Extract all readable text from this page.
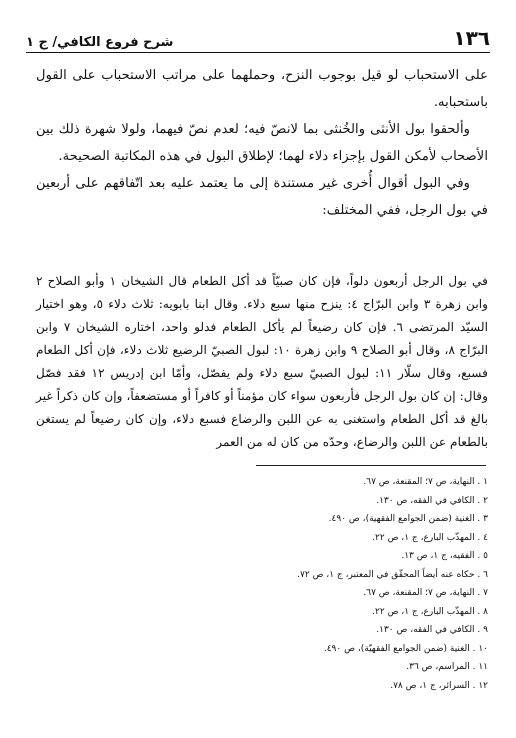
١٣٦
شرح فروع الكافي/ ج ١

على الاستحباب لو قيل بوجوب النزح، وحملهما على مراتب الاستحباب على القول باستحبابه.

وألحقوا بول الأنثى والخُنثى بما لانصّ فيه؛ لعدم نصّ فيهما، ولولا شهرة ذلك بين الأصحاب لأمكن القول بإجزاء دلاء لهما؛ لإطلاق البول في هذه المكاتبة الصحيحة.

وفي البول أقوال أُخرى غير مستندة إلى ما يعتمد عليه بعد اتّفاقهم على أربعين في بول الرجل، ففي المختلف:

في بول الرجل أربعون دلواً، فإن كان صبيّاً قد أكل الطعام قال الشيخان ١ وأبو الصلاح ٢ وابن زهرة ٣ وابن البرّاج ٤: ينزح منها سبع دلاء. وقال ابنا بابويه: ثلاث دلاء ٥، وهو اختيار السيّد المرتضى ٦. فإن كان رضيعاً لم يأكل الطعام فدلو واحد، اختاره الشيخان ٧ وابن البرّاج ٨، وقال أبو الصلاح ٩ وابن زهرة ١٠: لبول الصبيّ الرضيع ثلاث دلاء، فإن أكل الطعام فسبع، وقال سلّار ١١: لبول الصبيّ سبع دلاء ولم يفصّل، وأمّا ابن إدريس ١٢ فقد فصّل وقال: إن كان بول الرجل فأربعون سواء كان مؤمناً أو كافراً أو مستضعفاً، وإن كان ذكراً غير بالغ قد أكل الطعام واستغنى به عن اللبن والرضاع فسبع دلاء، وإن كان رضيعاً لم يستغن بالطعام عن اللبن والرضاع، وحدّه من كان له من العمر

١ . النهاية، ص ٧؛ المقنعة، ص ٦٧.
٢ . الكافي في الفقه، ص ١٣٠.
٣ . الغنية (ضمن الجوامع الفقهية)، ص ٤٩٠.
٤ . المهذّب البارع، ج ١، ص ٢٢.
٥ . الفقيه، ج ١، ص ١٣.
٦ . حكاه عنه أيضاً المحقّق في المعتبر، ج ١، ص ٧٢.
٧ . النهاية، ص ٧؛ المقنعة، ص ٦٧.
٨ . المهذّب البارع، ج ١، ص ٢٢.
٩ . الكافي في الفقه، ص ١٣٠.
١٠ . الغنية (ضمن الجوامع الفقهيّة)، ص ٤٩٠.
١١ . المراسم، ص ٣٦.
١٢ . السرائر، ج ١، ص ٧٨.
